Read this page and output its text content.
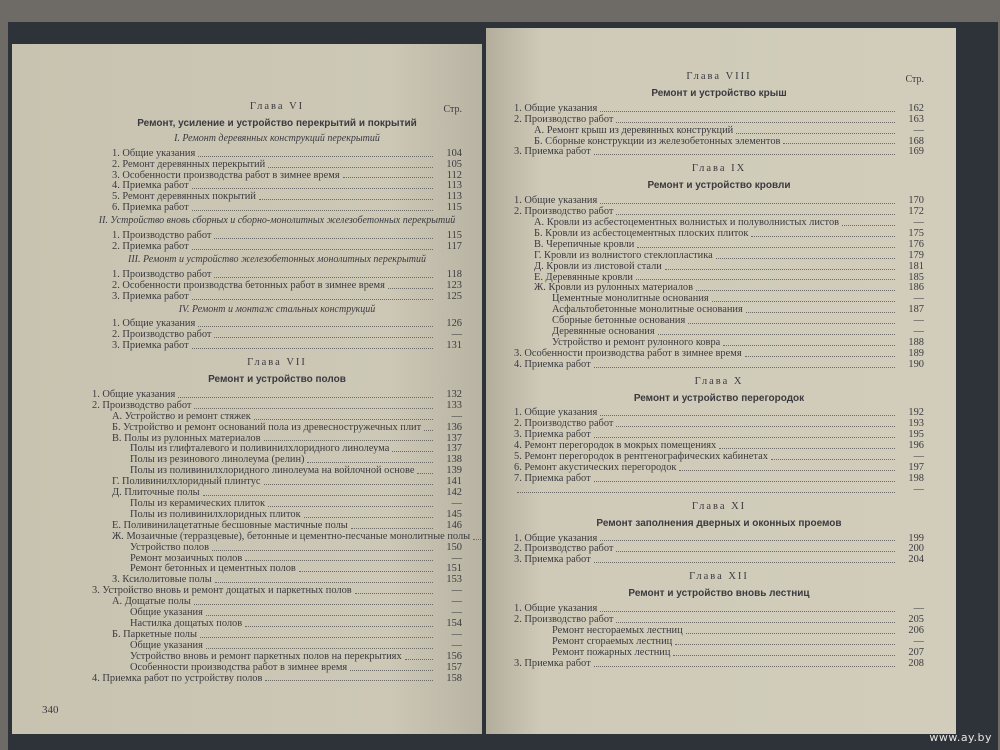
Глава VI
Ремонт, усиление и устройство перекрытий и покрытий
Стр.
I. Ремонт деревянных конструкций перекрытий
1. Общие указания	104
2. Ремонт деревянных перекрытий	105
3. Особенности производства работ в зимнее время	112
4. Приемка работ	113
5. Ремонт деревянных покрытий	113
6. Приемка работ	115
II. Устройство вновь сборных и сборно-монолитных железобетонных перекрытий
1. Производство работ	115
2. Приемка работ	117
III. Ремонт и устройство железобетонных монолитных перекрытий
1. Производство работ	118
2. Особенности производства бетонных работ в зимнее время	123
3. Приемка работ	125
IV. Ремонт и монтаж стальных конструкций
1. Общие указания	126
2. Производство работ	—
3. Приемка работ	131
Глава VII
Ремонт и устройство полов
1. Общие указания	132
2. Производство работ	133
А. Устройство и ремонт стяжек	—
Б. Устройство и ремонт оснований пола из древесностружечных плит	136
В. Полы из рулонных материалов	137
Полы из глифталевого и поливинилхлоридного линолеума	137
Полы из резинового линолеума (релин)	138
Полы из поливинилхлоридного линолеума на войлочной основе	139
Г. Поливинилхлоридный плинтус	141
Д. Плиточные полы	142
Полы из керамических плиток	—
Полы из поливинилхлоридных плиток	145
Е. Поливинилацетатные бесшовные мастичные полы	146
Ж. Мозаичные (терразцевые), бетонные и цементно-песчаные монолитные полы
Устройство полов	150
Ремонт мозаичных полов	—
Ремонт бетонных и цементных полов	151
З. Ксилолитовые полы	153
3. Устройство вновь и ремонт дощатых и паркетных полов	—
А. Дощатые полы	—
Общие указания	—
Настилка дощатых полов	154
Б. Паркетные полы	—
Общие указания	—
Устройство вновь и ремонт паркетных полов на перекрытиях	156
Особенности производства работ в зимнее время	157
4. Приемка работ по устройству полов	158
340
Глава VIII
Ремонт и устройство крыш
Стр.
1. Общие указания	162
2. Производство работ	163
А. Ремонт крыш из деревянных конструкций	—
Б. Сборные конструкции из железобетонных элементов	168
3. Приемка работ	169
Глава IX
Ремонт и устройство кровли
1. Общие указания	170
2. Производство работ	172
А. Кровли из асбестоцементных волнистых и полуволнистых листов	—
Б. Кровли из асбестоцементных плоских плиток	175
В. Черепичные кровли	176
Г. Кровли из волнистого стеклопластика	179
Д. Кровли из листовой стали	181
Е. Деревянные кровли	185
Ж. Кровли из рулонных материалов	186
Цементные монолитные основания	—
Асфальтобетонные монолитные основания	187
Сборные бетонные основания	—
Деревянные основания	—
Устройство и ремонт рулонного ковра	188
3. Особенности производства работ в зимнее время	189
4. Приемка работ	190
Глава X
Ремонт и устройство перегородок
1. Общие указания	192
2. Производство работ	193
3. Приемка работ	195
4. Ремонт перегородок в мокрых помещениях	196
5. Ремонт перегородок в рентгенографических кабинетах	—
6. Ремонт акустических перегородок	197
7. Приемка работ	198
—
Глава XI
Ремонт заполнения дверных и оконных проемов
1. Общие указания	199
2. Производство работ	200
3. Приемка работ	204
Глава XII
Ремонт и устройство вновь лестниц
1. Общие указания	—
2. Производство работ	205
Ремонт несгораемых лестниц	206
Ремонт сгораемых лестниц	—
Ремонт пожарных лестниц	207
3. Приемка работ	208
www.ay.by
